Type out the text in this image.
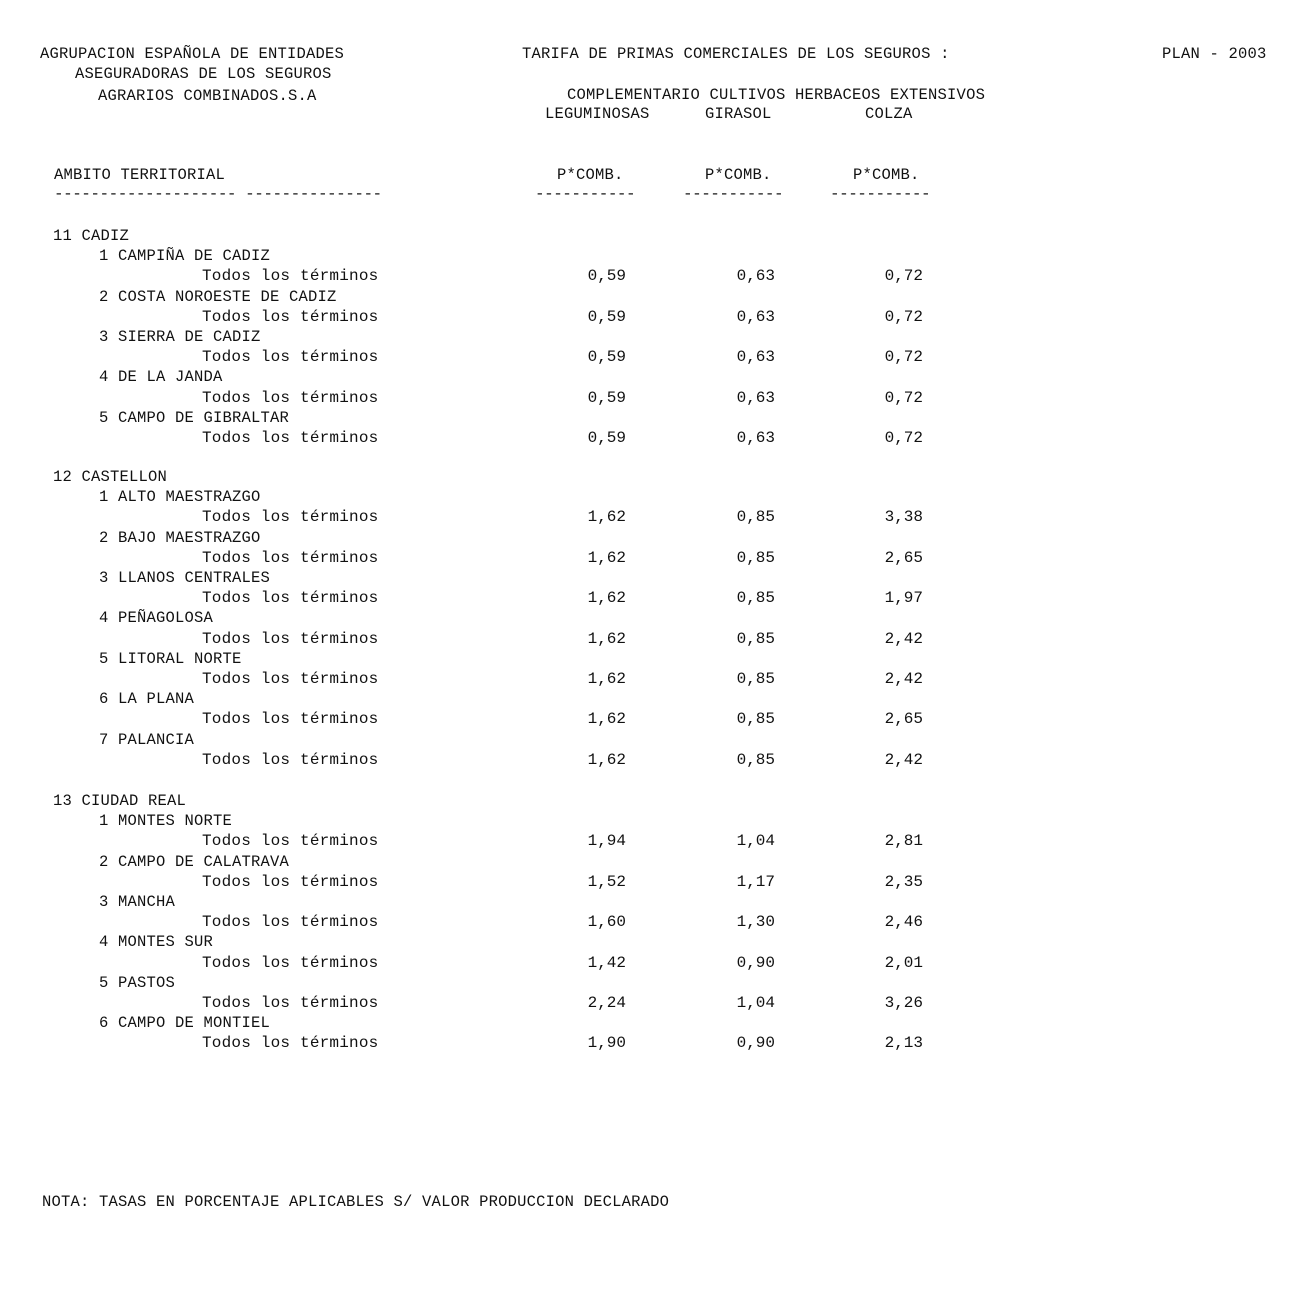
AGRUPACION ESPAÑOLA DE ENTIDADES
ASEGURADORAS DE LOS SEGUROS
AGRARIOS COMBINADOS.S.A
TARIFA DE PRIMAS COMERCIALES DE LOS SEGUROS :	PLAN - 2003
COMPLEMENTARIO CULTIVOS HERBACEOS EXTENSIVOS
LEGUMINOSAS	GIRASOL	COLZA
AMBITO TERRITORIAL	P*COMB.	P*COMB.	P*COMB.
-------------------- ---------------	-----------	-----------	-----------
11 CADIZ
1 CAMPIÑA DE CADIZ
Todos los términos	0,59	0,63	0,72
2 COSTA NOROESTE DE CADIZ
Todos los términos	0,59	0,63	0,72
3 SIERRA DE CADIZ
Todos los términos	0,59	0,63	0,72
4 DE LA JANDA
Todos los términos	0,59	0,63	0,72
5 CAMPO DE GIBRALTAR
Todos los términos	0,59	0,63	0,72
12 CASTELLON
1 ALTO MAESTRAZGO
Todos los términos	1,62	0,85	3,38
2 BAJO MAESTRAZGO
Todos los términos	1,62	0,85	2,65
3 LLANOS CENTRALES
Todos los términos	1,62	0,85	1,97
4 PEÑAGOLOSA
Todos los términos	1,62	0,85	2,42
5 LITORAL NORTE
Todos los términos	1,62	0,85	2,42
6 LA PLANA
Todos los términos	1,62	0,85	2,65
7 PALANCIA
Todos los términos	1,62	0,85	2,42
13 CIUDAD REAL
1 MONTES NORTE
Todos los términos	1,94	1,04	2,81
2 CAMPO DE CALATRAVA
Todos los términos	1,52	1,17	2,35
3 MANCHA
Todos los términos	1,60	1,30	2,46
4 MONTES SUR
Todos los términos	1,42	0,90	2,01
5 PASTOS
Todos los términos	2,24	1,04	3,26
6 CAMPO DE MONTIEL
Todos los términos	1,90	0,90	2,13
NOTA: TASAS EN PORCENTAJE APLICABLES S/ VALOR PRODUCCION DECLARADO
